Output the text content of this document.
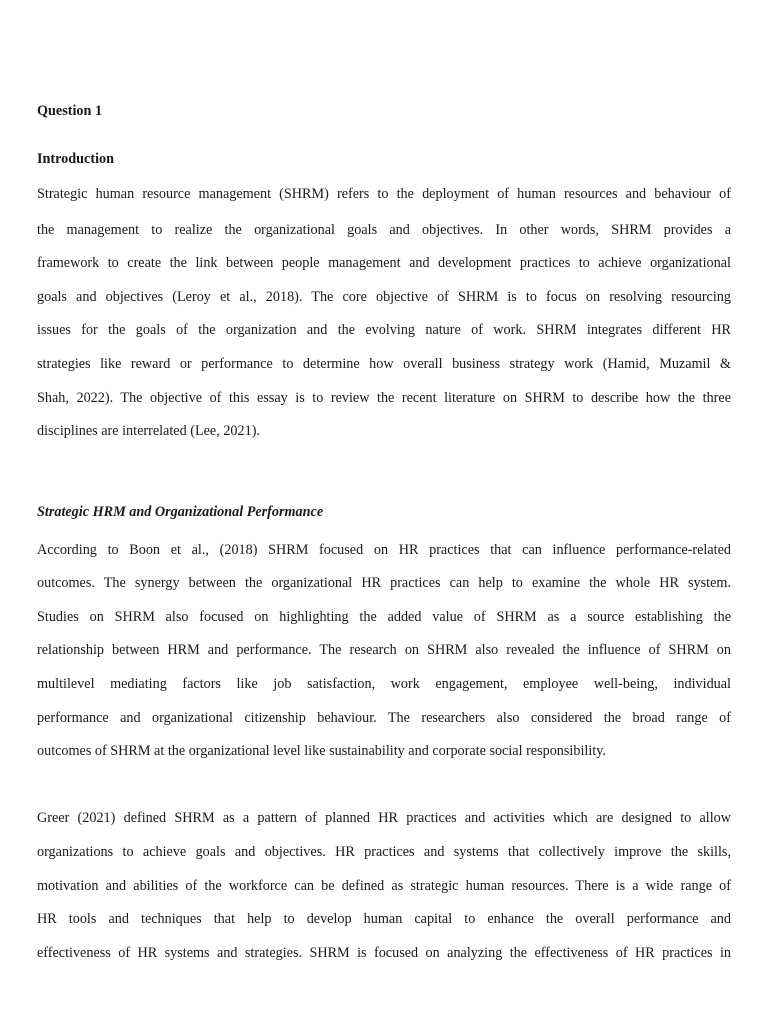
Question 1
Introduction
Strategic human resource management (SHRM) refers to the deployment of human resources and behaviour of
the management to realize the organizational goals and objectives. In other words, SHRM provides a
framework to create the link between people management and development practices to achieve organizational
goals and objectives (Leroy et al., 2018). The core objective of SHRM is to focus on resolving resourcing
issues for the goals of the organization and the evolving nature of work. SHRM integrates different HR
strategies like reward or performance to determine how overall business strategy work (Hamid, Muzamil &
Shah, 2022). The objective of this essay is to review the recent literature on SHRM to describe how the three
disciplines are interrelated (Lee, 2021).
Strategic HRM and Organizational Performance
According to Boon et al., (2018) SHRM focused on HR practices that can influence performance-related
outcomes. The synergy between the organizational HR practices can help to examine the whole HR system.
Studies on SHRM also focused on highlighting the added value of SHRM as a source establishing the
relationship between HRM and performance. The research on SHRM also revealed the influence of SHRM on
multilevel mediating factors like job satisfaction, work engagement, employee well-being, individual
performance and organizational citizenship behaviour. The researchers also considered the broad range of
outcomes of SHRM at the organizational level like sustainability and corporate social responsibility.
Greer (2021) defined SHRM as a pattern of planned HR practices and activities which are designed to allow
organizations to achieve goals and objectives. HR practices and systems that collectively improve the skills,
motivation and abilities of the workforce can be defined as strategic human resources. There is a wide range of
HR tools and techniques that help to develop human capital to enhance the overall performance and
effectiveness of HR systems and strategies. SHRM is focused on analyzing the effectiveness of HR practices in
